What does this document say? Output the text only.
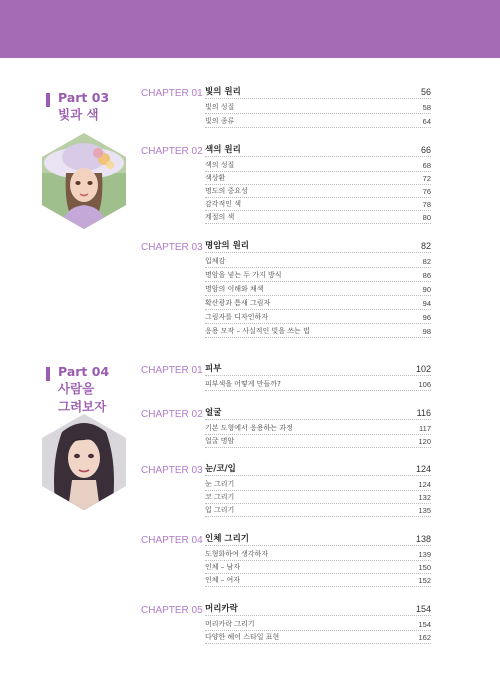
Part 03
빛과 색
CHAPTER 01 빛의 원리	56
빛의 성질	58
빛의 종류	64
CHAPTER 02 색의 원리	66
색의 성질	68
색상환	72
명도의 중요성	76
감각적인 색	78
계절의 색	80
CHAPTER 03 명암의 원리	82
입체감	82
명암을 넣는 두 가지 방식	86
명암의 이해와 채색	90
확산광과 틈새 그림자	94
그림자를 디자인하자	96
응용 모작 – 사실적인 빛을 쓰는 법	98
Part 04
사람을
그려보자
CHAPTER 01 피부	102
피부색을 어떻게 만들까?	106
CHAPTER 02 얼굴	116
기본 도형에서 응용하는 과정	117
얼굴 명암	120
CHAPTER 03 눈/코/입	124
눈 그리기	124
코 그리기	132
입 그리기	135
CHAPTER 04 인체 그리기	138
도형화하여 생각하자	139
인체 – 남자	150
인체 – 여자	152
CHAPTER 05 머리카락	154
머리카락 그리기	154
다양한 헤어 스타일 표현	162
